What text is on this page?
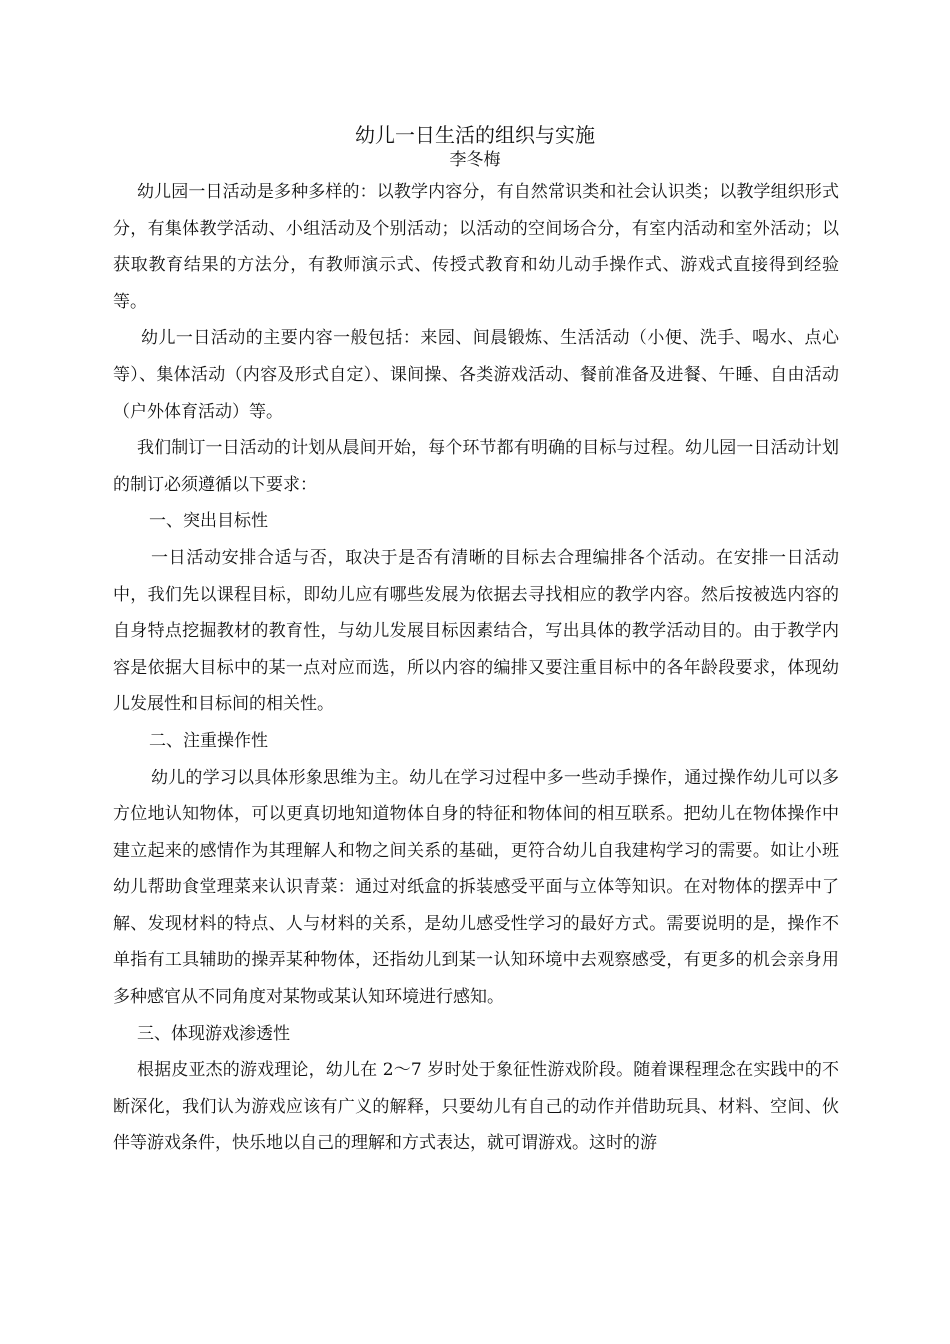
幼儿一日生活的组织与实施
李冬梅

幼儿园一日活动是多种多样的：以教学内容分，有自然常识类和社会认识类；以教学组织形式分，有集体教学活动、小组活动及个别活动；以活动的空间场合分，有室内活动和室外活动；以获取教育结果的方法分，有教师演示式、传授式教育和幼儿动手操作式、游戏式直接得到经验等。

幼儿一日活动的主要内容一般包括：来园、间晨锻炼、生活活动（小便、洗手、喝水、点心等）、集体活动（内容及形式自定）、课间操、各类游戏活动、餐前准备及进餐、午睡、自由活动（户外体育活动）等。

我们制订一日活动的计划从晨间开始，每个环节都有明确的目标与过程。幼儿园一日活动计划的制订必须遵循以下要求：

一、突出目标性

一日活动安排合适与否，取决于是否有清晰的目标去合理编排各个活动。在安排一日活动中，我们先以课程目标，即幼儿应有哪些发展为依据去寻找相应的教学内容。然后按被选内容的自身特点挖掘教材的教育性，与幼儿发展目标因素结合，写出具体的教学活动目的。由于教学内容是依据大目标中的某一点对应而选，所以内容的编排又要注重目标中的各年龄段要求，体现幼儿发展性和目标间的相关性。

二、注重操作性

幼儿的学习以具体形象思维为主。幼儿在学习过程中多一些动手操作，通过操作幼儿可以多方位地认知物体，可以更真切地知道物体自身的特征和物体间的相互联系。把幼儿在物体操作中建立起来的感情作为其理解人和物之间关系的基础，更符合幼儿自我建构学习的需要。如让小班幼儿帮助食堂理菜来认识青菜：通过对纸盒的拆装感受平面与立体等知识。在对物体的摆弄中了解、发现材料的特点、人与材料的关系，是幼儿感受性学习的最好方式。需要说明的是，操作不单指有工具辅助的操弄某种物体，还指幼儿到某一认知环境中去观察感受，有更多的机会亲身用多种感官从不同角度对某物或某认知环境进行感知。

三、体现游戏渗透性

根据皮亚杰的游戏理论，幼儿在 2～7 岁时处于象征性游戏阶段。随着课程理念在实践中的不断深化，我们认为游戏应该有广义的解释，只要幼儿有自己的动作并借助玩具、材料、空间、伙伴等游戏条件，快乐地以自己的理解和方式表达，就可谓游戏。这时的游
